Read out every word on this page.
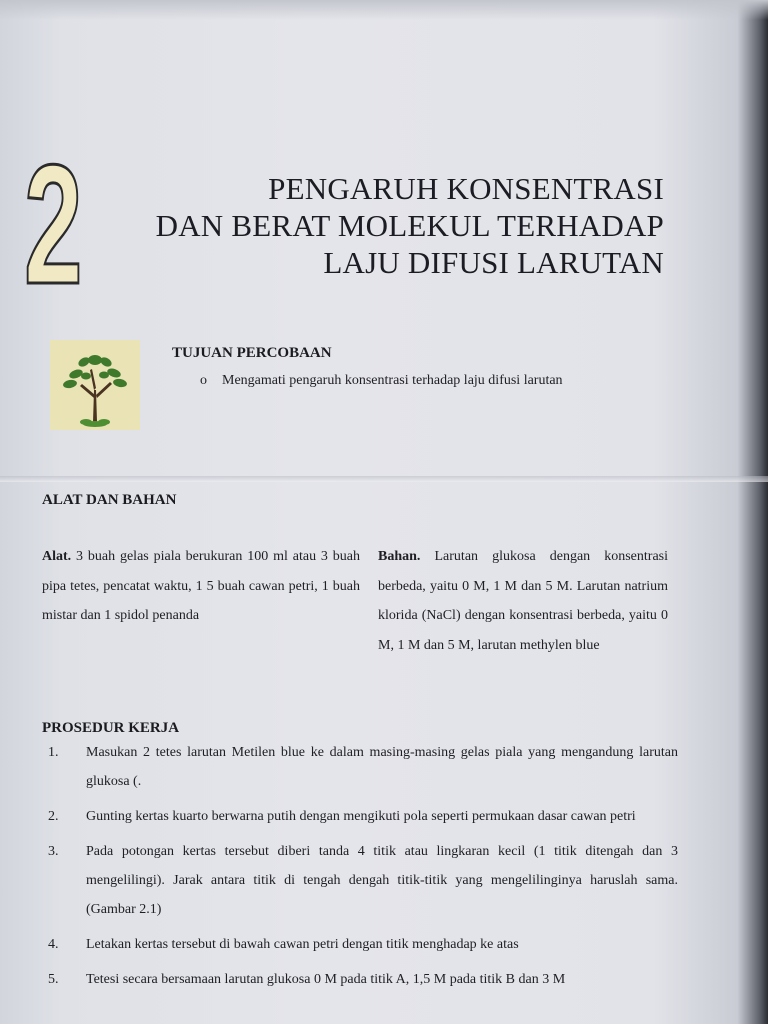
2	PENGARUH KONSENTRASI
DAN BERAT MOLEKUL TERHADAP
LAJU DIFUSI LARUTAN
TUJUAN PERCOBAAN
o Mengamati pengaruh konsentrasi terhadap laju difusi larutan
ALAT DAN BAHAN
Alat. 3 buah gelas piala berukuran 100 ml atau 3 buah pipa tetes, pencatat waktu, 1 5 buah cawan petri, 1 buah mistar dan 1 spidol penanda
Bahan. Larutan glukosa dengan konsentrasi berbeda, yaitu 0 M, 1 M dan 5 M. Larutan natrium klorida (NaCl) dengan konsentrasi berbeda, yaitu 0 M, 1 M dan 5 M, larutan methylen blue
PROSEDUR KERJA
1.	Masukan 2 tetes larutan Metilen blue ke dalam masing-masing gelas piala yang mengandung larutan glukosa (.
2.	Gunting kertas kuarto berwarna putih dengan mengikuti pola seperti permukaan dasar cawan petri
3.	Pada potongan kertas tersebut diberi tanda 4 titik atau lingkaran kecil (1 titik ditengah dan 3 mengelilingi). Jarak antara titik di tengah dengah titik-titik yang mengelilinginya haruslah sama. (Gambar 2.1)
4.	Letakan kertas tersebut di bawah cawan petri dengan titik menghadap ke atas
5.	Tetesi secara bersamaan larutan glukosa 0 M pada titik A, 1,5 M pada titik B dan 3 M
